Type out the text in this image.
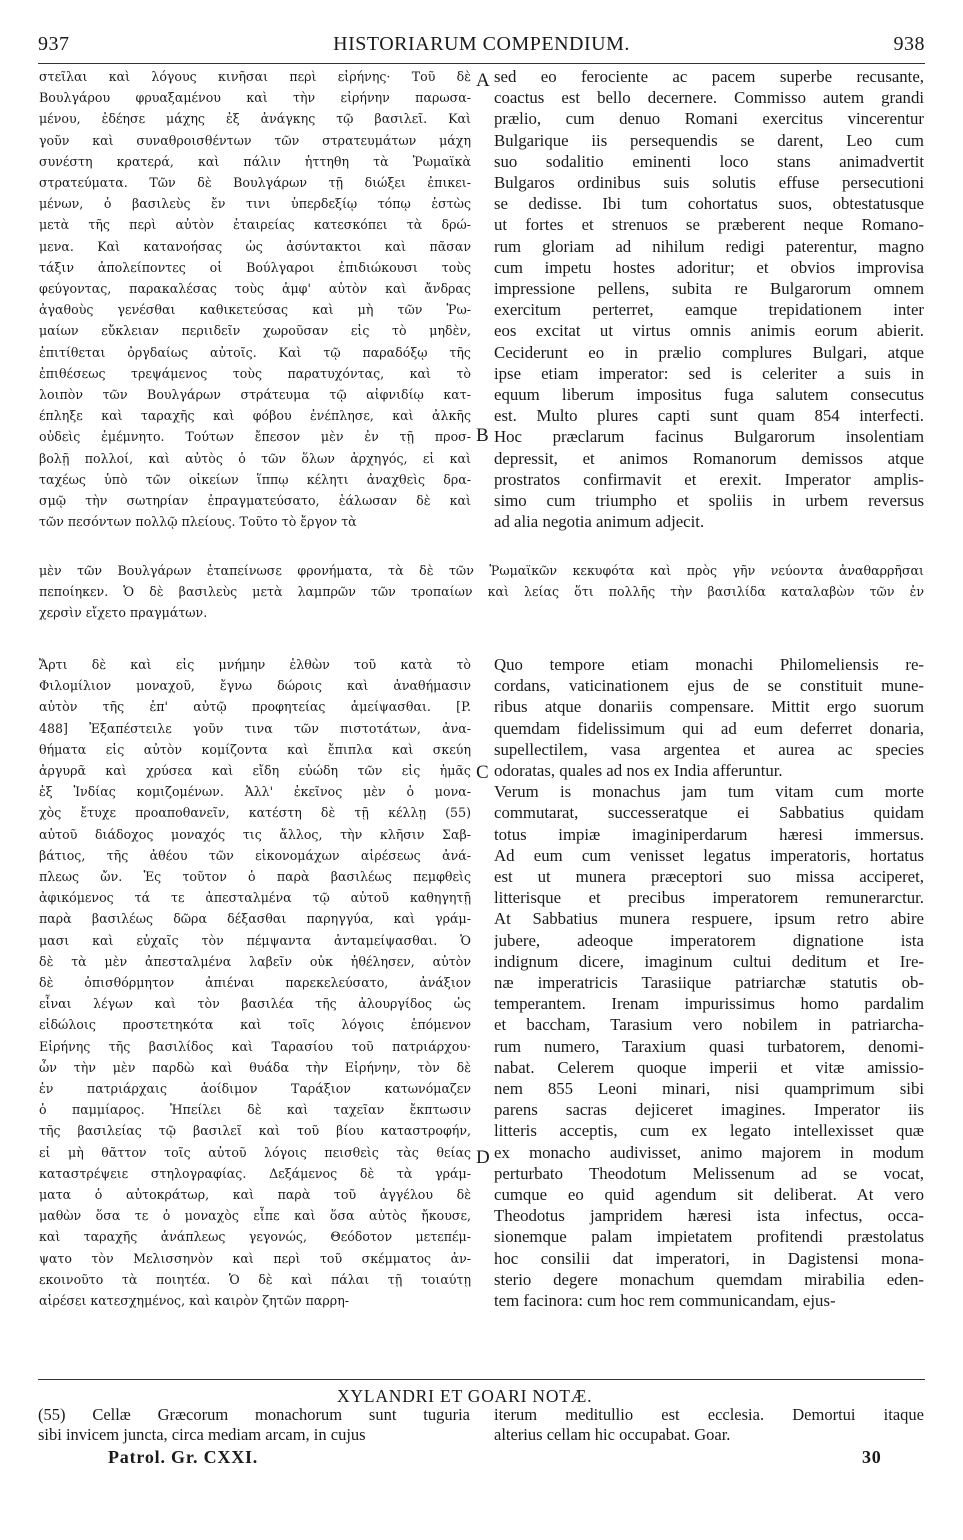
937	HISTORIARUM COMPENDIUM.	938
στεῖλαι καὶ λόγους κινῆσαι περὶ εἰρήνης· Τοῦ δὲ
Βουλγάρου φρυαξαμένου καὶ τὴν εἰρήνην παρωσα-
μένου, ἐδέησε μάχης ἐξ ἀνάγκης τῷ βασιλεῖ. Καὶ
γοῦν καὶ συναθροισθέντων τῶν στρατευμάτων μάχη
συνέστη κρατερά, καὶ πάλιν ἡττηθη τὰ Ῥωμαϊκὰ
στρατεύματα. Τῶν δὲ Βουλγάρων τῇ διώξει ἐπικει-
μένων, ὁ βασιλεὺς ἔν τινι ὑπερδεξίῳ τόπῳ ἑστὼς
μετὰ τῆς περὶ αὐτὸν ἑταιρείας κατεσκόπει τὰ δρώ-
μενα. Καὶ κατανοήσας ὡς ἀσύντακτοι καὶ πᾶσαν
τάξιν ἀπολείποντες οἱ Βούλγαροι ἐπιδιώκουσι τοὺς
φεύγοντας, παρακαλέσας τοὺς ἀμφ' αὐτὸν καὶ ἄνδρας
ἀγαθοὺς γενέσθαι καθικετεύσας καὶ μὴ τῶν Ῥω-
μαίων εὔκλειαν περιιδεῖν χωροῦσαν εἰς τὸ μηδὲν,
ἐπιτίθεται ὀργδαίως αὐτοῖς. Καὶ τῷ παραδόξῳ τῆς
ἐπιθέσεως τρεψάμενος τοὺς παρατυχόντας, καὶ τὸ
λοιπὸν τῶν Βουλγάρων στράτευμα τῷ αἰφνιδίῳ κατ-
έπληξε καὶ ταραχῆς καὶ φόβου ἐνέπλησε, καὶ ἀλκῆς
οὐδεὶς ἐμέμνητο. Τούτων ἔπεσον μὲν ἐν τῇ προσ-
βολῇ πολλοί, καὶ αὐτὸς ὁ τῶν ὅλων ἀρχηγός, εἰ καὶ
ταχέως ὑπὸ τῶν οἰκείων ἵππῳ κέλητι ἀναχθεὶς δρα-
σμῷ τὴν σωτηρίαν ἐπραγματεύσατο, ἑάλωσαν δὲ καὶ
τῶν πεσόντων πολλῷ πλείους. Τοῦτο τὸ ἔργον τὰ
sed eo ferociente ac pacem superbe recusante,
coactus est bello decernere. Commisso autem grandi
prælio, cum denuo Romani exercitus vincerentur
Bulgarique iis persequendis se darent, Leo cum
suo sodalitio eminenti loco stans animadvertit
Bulgaros ordinibus suis solutis effuse persecutioni
se dedisse. Ibi tum cohortatus suos, obtestatusque
ut fortes et strenuos se præberent neque Romano-
rum gloriam ad nihilum redigi paterentur, magno
cum impetu hostes adoritur; et obvios improvisa
impressione pellens, subita re Bulgarorum omnem
exercitum perterret, eamque trepidationem inter
eos excitat ut virtus omnis animis eorum abierit.
Ceciderunt eo in prælio complures Bulgari, atque
ipse etiam imperator: sed is celeriter a suis in
equum liberum impositus fuga salutem consecutus
est. Multo plures capti sunt quam 854 interfecti.
Hoc præclarum facinus Bulgarorum insolentiam
depressit, et animos Romanorum demissos atque
prostratos confirmavit et erexit. Imperator amplis-
simo cum triumpho et spoliis in urbem reversus
ad alia negotia animum adjecit.
A
B
μὲν τῶν Βουλγάρων ἐταπείνωσε φρονήματα, τὰ δὲ τῶν Ῥωμαϊκῶν κεκυφότα καὶ πρὸς γῆν νεύοντα ἀναθαρρῆσαι
πεποίηκεν. Ὁ δὲ βασιλεὺς μετὰ λαμπρῶν τῶν τροπαίων καὶ λείας ὅτι πολλῆς τὴν βασιλίδα καταλαβὼν τῶν ἐν
χερσὶν εἴχετο πραγμάτων.
Ἄρτι δὲ καὶ εἰς μνήμην ἐλθὼν τοῦ κατὰ τὸ
Φιλομίλιον μοναχοῦ, ἔγνω δώροις καὶ ἀναθήμασιν
αὐτὸν τῆς ἐπ' αὐτῷ προφητείας ἀμείψασθαι. [P.
488] Ἐξαπέστειλε γοῦν τινα τῶν πιστοτάτων, ἀνα-
θήματα εἰς αὐτὸν κομίζοντα καὶ ἔπιπλα καὶ σκεύη
ἀργυρᾶ καὶ χρύσεα καὶ εἴδη εὐώδη τῶν εἰς ἡμᾶς
ἐξ Ἰνδίας κομιζομένων. Ἀλλ' ἐκεῖνος μὲν ὁ μονα-
χὸς ἔτυχε προαποθανεῖν, κατέστη δὲ τῇ κέλλῃ (55)
αὐτοῦ διάδοχος μοναχός τις ἄλλος, τὴν κλῆσιν Σαβ-
βάτιος, τῆς ἀθέου τῶν εἰκονομάχων αἱρέσεως ἀνά-
πλεως ὤν. Ἐς τοῦτον ὁ παρὰ βασιλέως πεμφθεὶς
ἀφικόμενος τά τε ἀπεσταλμένα τῷ αὐτοῦ καθηγητῇ
παρὰ βασιλέως δῶρα δέξασθαι παρηγγύα, καὶ γράμ-
μασι καὶ εὐχαῖς τὸν πέμψαντα ἀνταμείψασθαι. Ὁ
δὲ τὰ μὲν ἀπεσταλμένα λαβεῖν οὐκ ἠθέλησεν, αὐτὸν
δὲ ὀπισθόρμητον ἀπιέναι παρεκελεύσατο, ἀνάξιον
εἶναι λέγων καὶ τὸν βασιλέα τῆς ἀλουργίδος ὡς
εἰδώλοις προστετηκότα καὶ τοῖς λόγοις ἑπόμενον
Εἰρήνης τῆς βασιλίδος καὶ Ταρασίου τοῦ πατριάρχου·
ὧν τὴν μὲν παρδὼ καὶ θυάδα τὴν Εἰρήνην, τὸν δὲ
ἐν πατριάρχαις ἀοίδιμον Ταράξιον κατωνόμαζεν
ὁ παμμίαρος. Ἠπείλει δὲ καὶ ταχεῖαν ἔκπτωσιν
τῆς βασιλείας τῷ βασιλεῖ καὶ τοῦ βίου καταστροφήν,
εἰ μὴ θᾶττον τοῖς αὐτοῦ λόγοις πεισθεὶς τὰς θείας
καταστρέψειε στηλογραφίας. Δεξάμενος δὲ τὰ γράμ-
ματα ὁ αὐτοκράτωρ, καὶ παρὰ τοῦ ἀγγέλου δὲ
μαθὼν ὅσα τε ὁ μοναχὸς εἶπε καὶ ὅσα αὐτὸς ἤκουσε,
καὶ ταραχῆς ἀνάπλεως γεγονώς, Θεόδοτον μετεπέμ-
ψατο τὸν Μελισσηνὸν καὶ περὶ τοῦ σκέμματος ἀν-
εκοινοῦτο τὰ ποιητέα. Ὁ δὲ καὶ πάλαι τῇ τοιαύτῃ
αἱρέσει κατεσχημένος, καὶ καιρὸν ζητῶν παρρη-
Quo tempore etiam monachi Philomeliensis re-
cordans, vaticinationem ejus de se constituit mune-
ribus atque donariis compensare. Mittit ergo suorum
quemdam fidelissimum qui ad eum deferret donaria,
supellectilem, vasa argentea et aurea ac species
odoratas, quales ad nos ex India afferuntur.
Verum is monachus jam tum vitam cum morte
commutarat, successeratque ei Sabbatius quidam
totus impiæ imaginiperdarum hæresi immersus.
Ad eum cum venisset legatus imperatoris, hortatus
est ut munera præceptori suo missa acciperet,
litterisque et precibus imperatorem remunerarctur.
At Sabbatius munera respuere, ipsum retro abire
jubere, adeoque imperatorem dignatione ista
indignum dicere, imaginum cultui deditum et Ire-
næ imperatricis Tarasiique patriarchæ statutis ob-
temperantem. Irenam impurissimus homo pardalim
et baccham, Tarasium vero nobilem in patriarcha-
rum numero, Taraxium quasi turbatorem, denomi-
nabat. Celerem quoque imperii et vitæ amissio-
nem 855 Leoni minari, nisi quamprimum sibi
parens sacras dejiceret imagines. Imperator iis
litteris acceptis, cum ex legato intellexisset quæ
ex monacho audivisset, animo majorem in modum
perturbato Theodotum Melissenum ad se vocat,
cumque eo quid agendum sit deliberat. At vero
Theodotus jampridem hæresi ista infectus, occa-
sionemque palam impietatem profitendi præstolatus
hoc consilii dat imperatori, in Dagistensi mona-
sterio degere monachum quemdam mirabilia eden-
tem facinora: cum hoc rem communicandam, ejus-
C
D
XYLANDRI ET GOARI NOTÆ.
(55) Cellæ Græcorum monachorum sunt tuguria
sibi invicem juncta, circa mediam arcam, in cujus
iterum meditullio est ecclesia. Demortui itaque
alterius cellam hic occupabat. Goar.
Patrol. Gr. CXXI.	30
